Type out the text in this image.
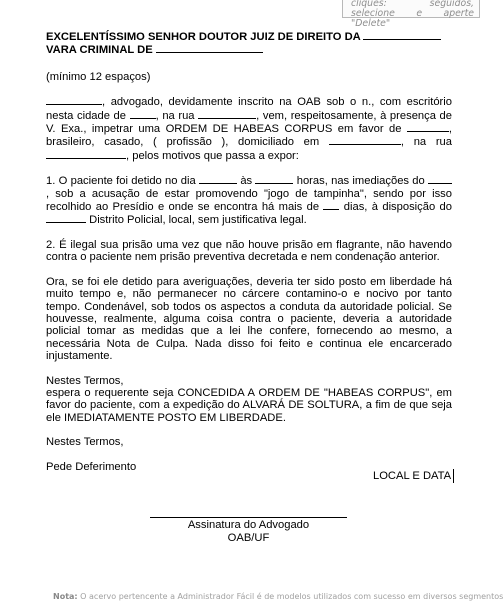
cliques: seguidos, selecione e aperte "Delete"

EXCELENTÍSSIMO SENHOR DOUTOR JUIZ DE DIREITO DA

VARA CRIMINAL DE

(mínimo 12 espaços)

, advogado, devidamente inscrito na OAB sob o n., com escritório nesta cidade de	, na rua	, vem, respeitosamente, à presença de V. Exa., impetrar uma ORDEM DE HABEAS CORPUS em favor de	, brasileiro, casado, ( profissão ), domiciliado em	, na rua , pelos motivos que passa a expor:

1. O paciente foi detido no dia	às	horas, nas imediações do , sob a acusação de estar promovendo "jogo de tampinha", sendo por isso recolhido ao Presídio e onde se encontra há mais de dias, à disposição do  Distrito Policial, local, sem justificativa legal.

2. É ilegal sua prisão uma vez que não houve prisão em flagrante, não havendo contra o paciente nem prisão preventiva decretada e nem condenação anterior.

Ora, se foi ele detido para averiguações, deveria ter sido posto em liberdade há muito tempo e, não permanecer no cárcere contamino-o e nocivo por tanto tempo. Condenável, sob todos os aspectos a conduta da autoridade policial. Se houvesse, realmente, alguma coisa contra o paciente, deveria a autoridade policial tomar as medidas que a lei lhe confere, fornecendo ao mesmo, a necessária Nota de Culpa. Nada disso foi feito e continua ele encarcerado injustamente.

Nestes Termos,

espera o requerente seja CONCEDIDA A ORDEM DE "HABEAS CORPUS", em favor do paciente, com a expedição do ALVARÁ DE SOLTURA, a fim de que seja ele IMEDIATAMENTE POSTO EM LIBERDADE.

Nestes Termos,

Pede Deferimento

LOCAL E DATA
Assinatura do Advogado
OAB/UF
Nota: O acervo pertencente a Administrador Fácil é de modelos utilizados com sucesso em diversos segmentos
